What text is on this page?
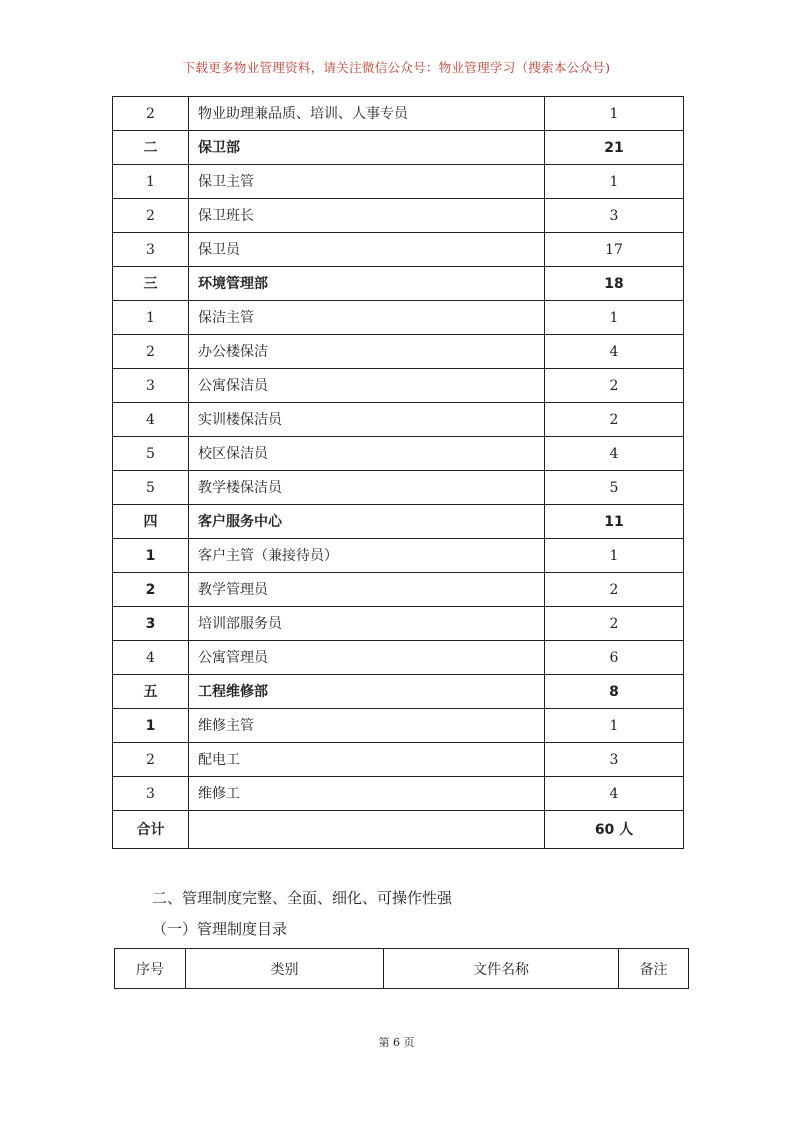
下载更多物业管理资料，请关注微信公众号：物业管理学习（搜索本公众号)
2	物业助理兼品质、培训、人事专员	1
二	保卫部	21
1	保卫主管	1
2	保卫班长	3
3	保卫员	17
三	环境管理部	18
1	保洁主管	1
2	办公楼保洁	4
3	公寓保洁员	2
4	实训楼保洁员	2
5	校区保洁员	4
5	教学楼保洁员	5
四	客户服务中心	11
1	客户主管（兼接待员）	1
2	教学管理员	2
3	培训部服务员	2
4	公寓管理员	6
五	工程维修部	8
1	维修主管	1
2	配电工	3
3	维修工	4
合计		60 人
二、管理制度完整、全面、细化、可操作性强
（一）管理制度目录
序号	类别	文件名称	备注
第 6 页
